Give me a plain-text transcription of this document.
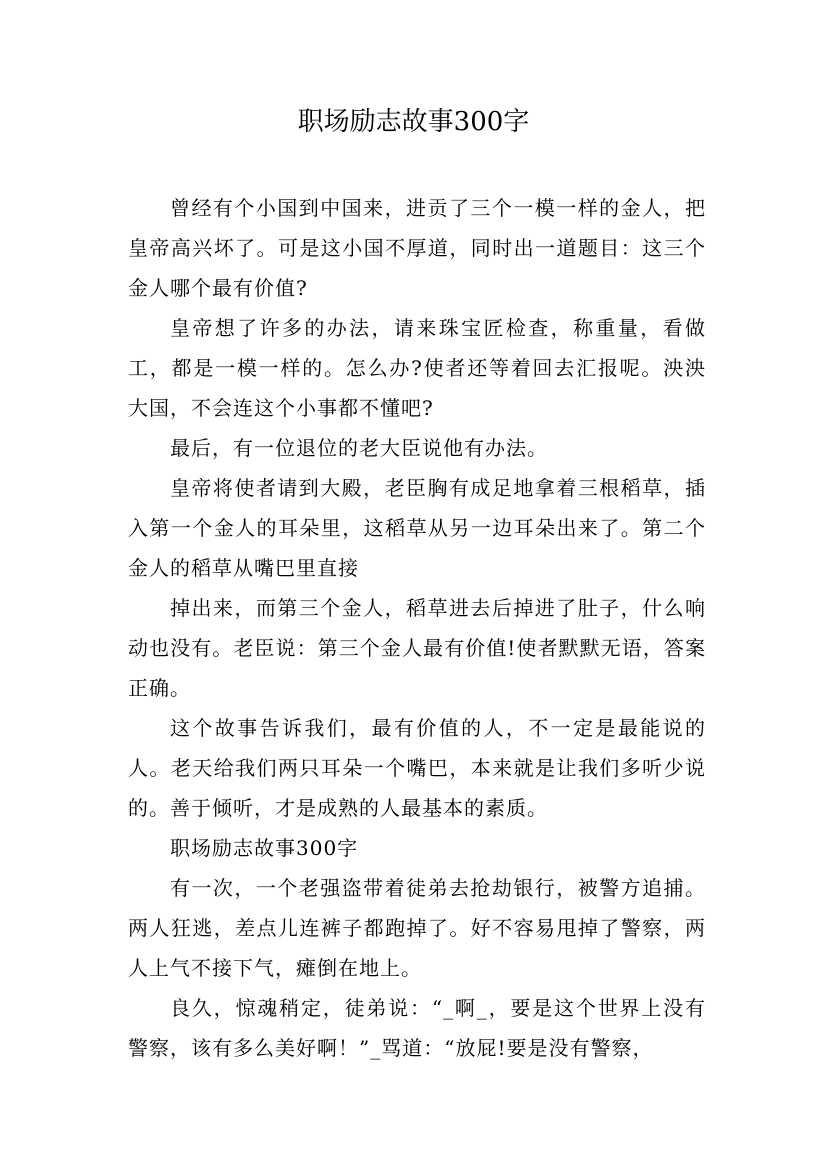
职场励志故事300字

曾经有个小国到中国来，进贡了三个一模一样的金人，把皇帝高兴坏了。可是这小国不厚道，同时出一道题目：这三个金人哪个最有价值?

皇帝想了许多的办法，请来珠宝匠检查，称重量，看做工，都是一模一样的。怎么办?使者还等着回去汇报呢。泱泱大国，不会连这个小事都不懂吧?

最后，有一位退位的老大臣说他有办法。

皇帝将使者请到大殿，老臣胸有成足地拿着三根稻草，插入第一个金人的耳朵里，这稻草从另一边耳朵出来了。第二个金人的稻草从嘴巴里直接

掉出来，而第三个金人，稻草进去后掉进了肚子，什么响动也没有。老臣说：第三个金人最有价值!使者默默无语，答案正确。

这个故事告诉我们，最有价值的人，不一定是最能说的人。老天给我们两只耳朵一个嘴巴，本来就是让我们多听少说的。善于倾听，才是成熟的人最基本的素质。

职场励志故事300字

有一次，一个老强盗带着徒弟去抢劫银行，被警方追捕。两人狂逃，差点儿连裤子都跑掉了。好不容易甩掉了警察，两人上气不接下气，瘫倒在地上。

良久，惊魂稍定，徒弟说：“_啊_，要是这个世界上没有警察，该有多么美好啊！”_骂道：“放屁!要是没有警察，
